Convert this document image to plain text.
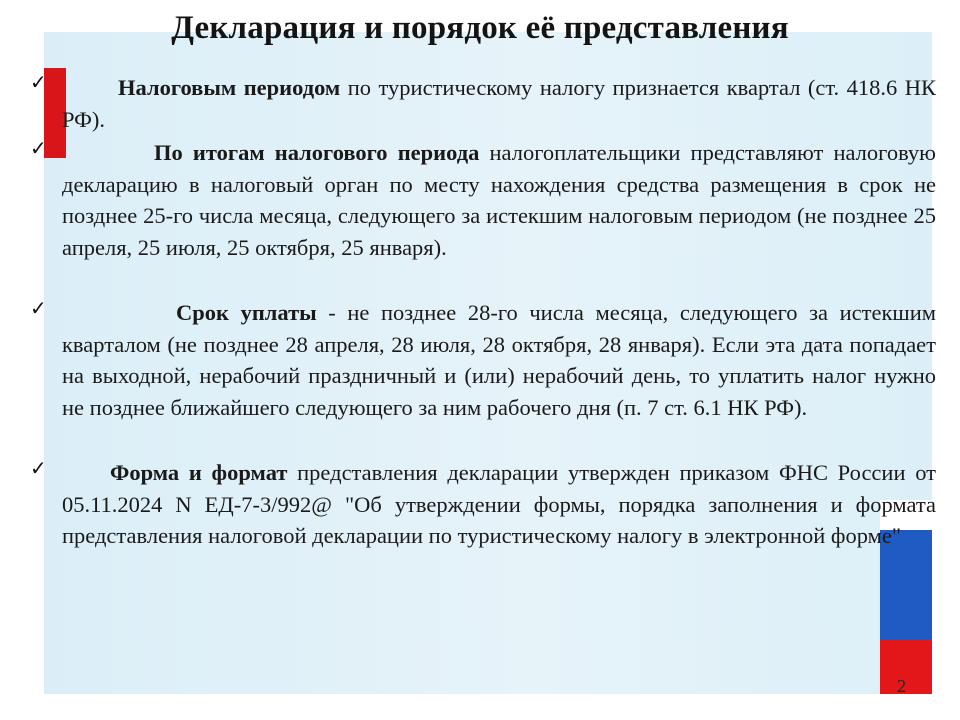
Декларация и порядок её представления
✓	Налоговым периодом по туристическому налогу признается квартал (ст. 418.6 НК РФ).

✓	По итогам налогового периода налогоплательщики представляют налоговую декларацию в налоговый орган по месту нахождения средства размещения в срок не позднее 25-го числа месяца, следующего за истекшим налоговым периодом (не позднее 25 апреля, 25 июля, 25 октября, 25 января).

✓	Срок уплаты - не позднее 28-го числа месяца, следующего за истекшим кварталом (не позднее 28 апреля, 28 июля, 28 октября, 28 января). Если эта дата попадает на выходной, нерабочий праздничный и (или) нерабочий день, то уплатить налог нужно не позднее ближайшего следующего за ним рабочего дня (п. 7 ст. 6.1 НК РФ).

✓	Форма и формат представления декларации утвержден приказом ФНС России от 05.11.2024 N ЕД-7-3/992@ "Об утверждении формы, порядка заполнения и формата представления налоговой декларации по туристическому налогу в электронной форме"

2
